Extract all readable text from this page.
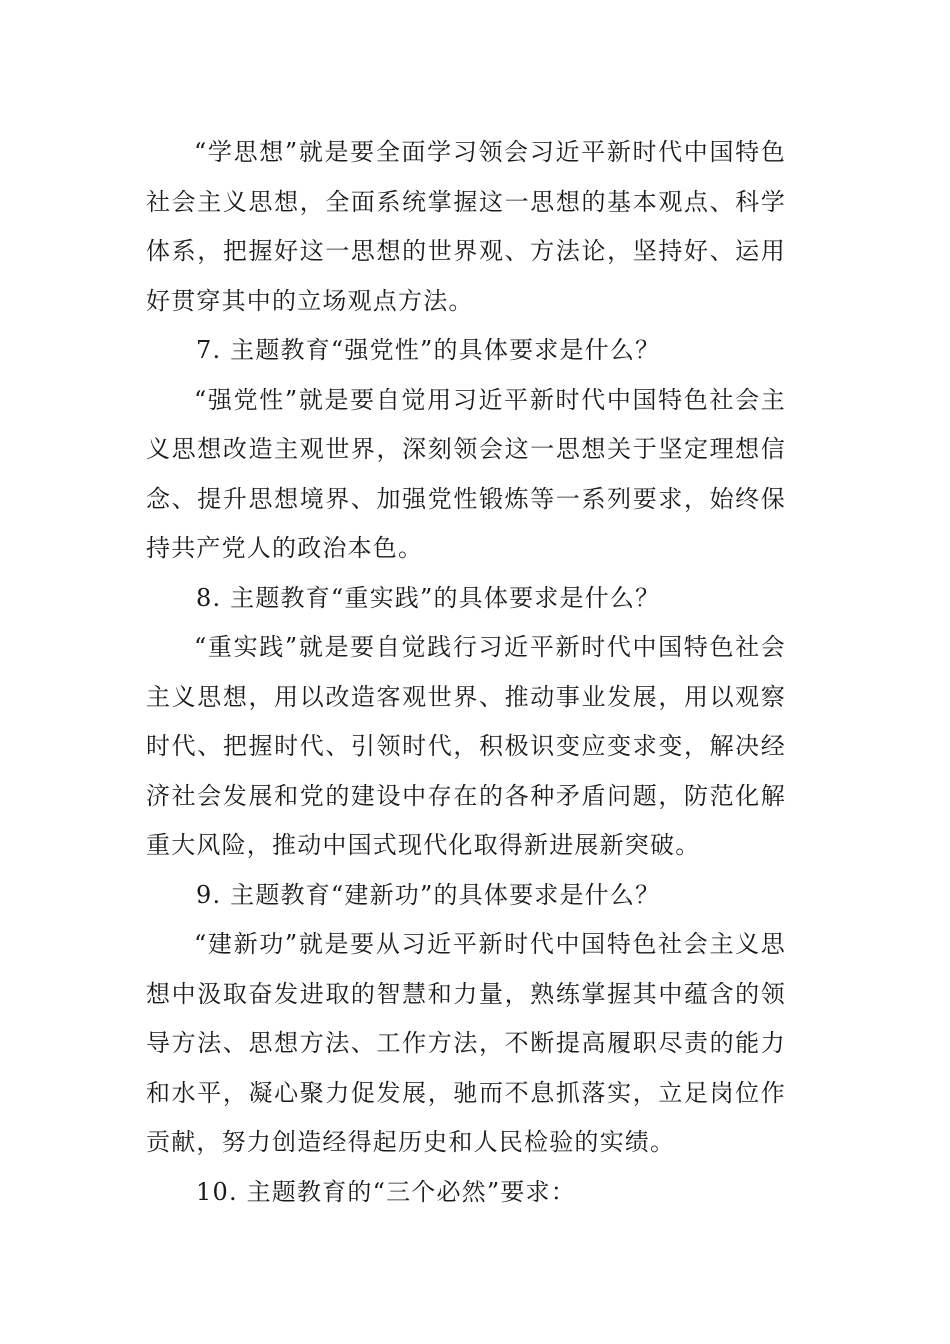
“学思想”就是要全面学习领会习近平新时代中国特色社会主义思想，全面系统掌握这一思想的基本观点、科学体系，把握好这一思想的世界观、方法论，坚持好、运用好贯穿其中的立场观点方法。

7. 主题教育“强党性”的具体要求是什么？

“强党性”就是要自觉用习近平新时代中国特色社会主义思想改造主观世界，深刻领会这一思想关于坚定理想信念、提升思想境界、加强党性锻炼等一系列要求，始终保持共产党人的政治本色。

8. 主题教育“重实践”的具体要求是什么？

“重实践”就是要自觉践行习近平新时代中国特色社会主义思想，用以改造客观世界、推动事业发展，用以观察时代、把握时代、引领时代，积极识变应变求变，解决经济社会发展和党的建设中存在的各种矛盾问题，防范化解重大风险，推动中国式现代化取得新进展新突破。

9. 主题教育“建新功”的具体要求是什么？

“建新功”就是要从习近平新时代中国特色社会主义思想中汲取奋发进取的智慧和力量，熟练掌握其中蕴含的领导方法、思想方法、工作方法，不断提高履职尽责的能力和水平，凝心聚力促发展，驰而不息抓落实，立足岗位作贡献，努力创造经得起历史和人民检验的实绩。

10. 主题教育的“三个必然”要求：
